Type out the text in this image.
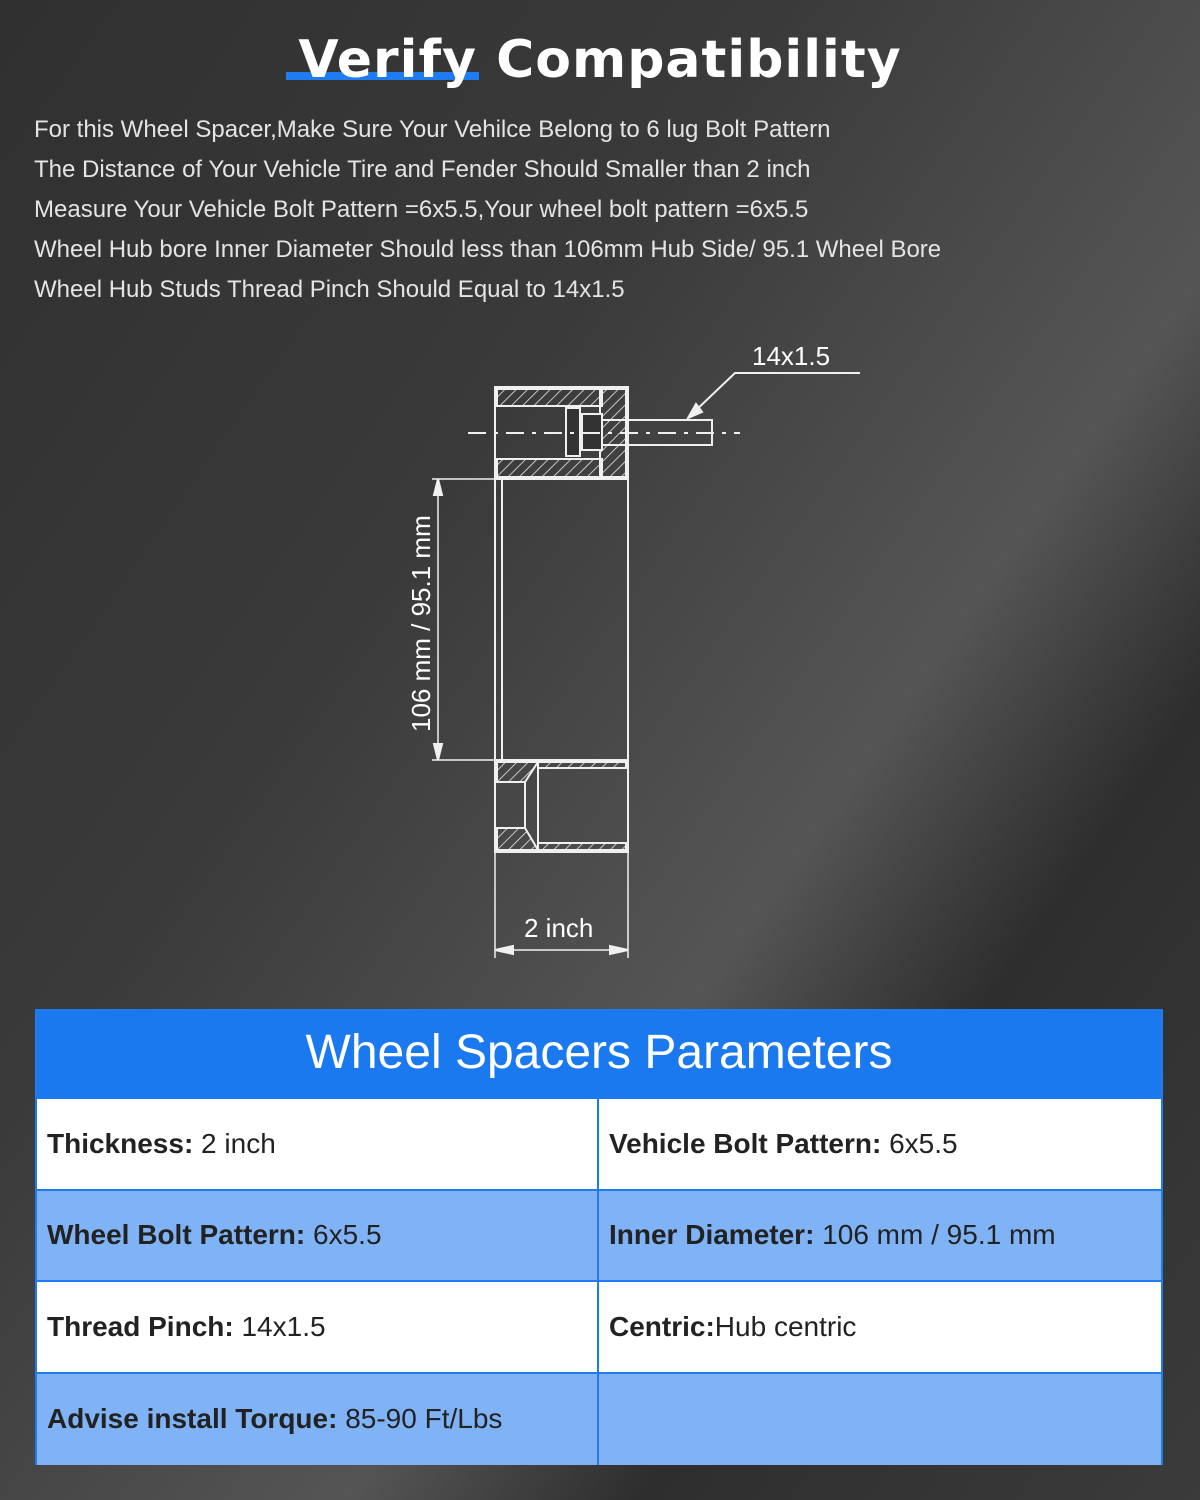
Verify Compatibility
For this Wheel Spacer,Make Sure Your Vehilce Belong to 6 lug Bolt Pattern
The Distance of Your Vehicle Tire and Fender Should Smaller than 2 inch
Measure Your Vehicle Bolt Pattern =6x5.5,Your wheel bolt pattern =6x5.5
Wheel Hub bore Inner Diameter Should less than 106mm Hub Side/ 95.1 Wheel Bore
Wheel Hub Studs Thread Pinch Should Equal to 14x1.5
14x1.5
106 mm / 95.1 mm
2 inch
Wheel Spacers Parameters
Thickness: 2 inch	Vehicle Bolt Pattern: 6x5.5
Wheel Bolt Pattern: 6x5.5	Inner Diameter: 106 mm / 95.1 mm
Thread Pinch: 14x1.5	Centric: Hub centric
Advise install Torque: 85-90 Ft/Lbs
